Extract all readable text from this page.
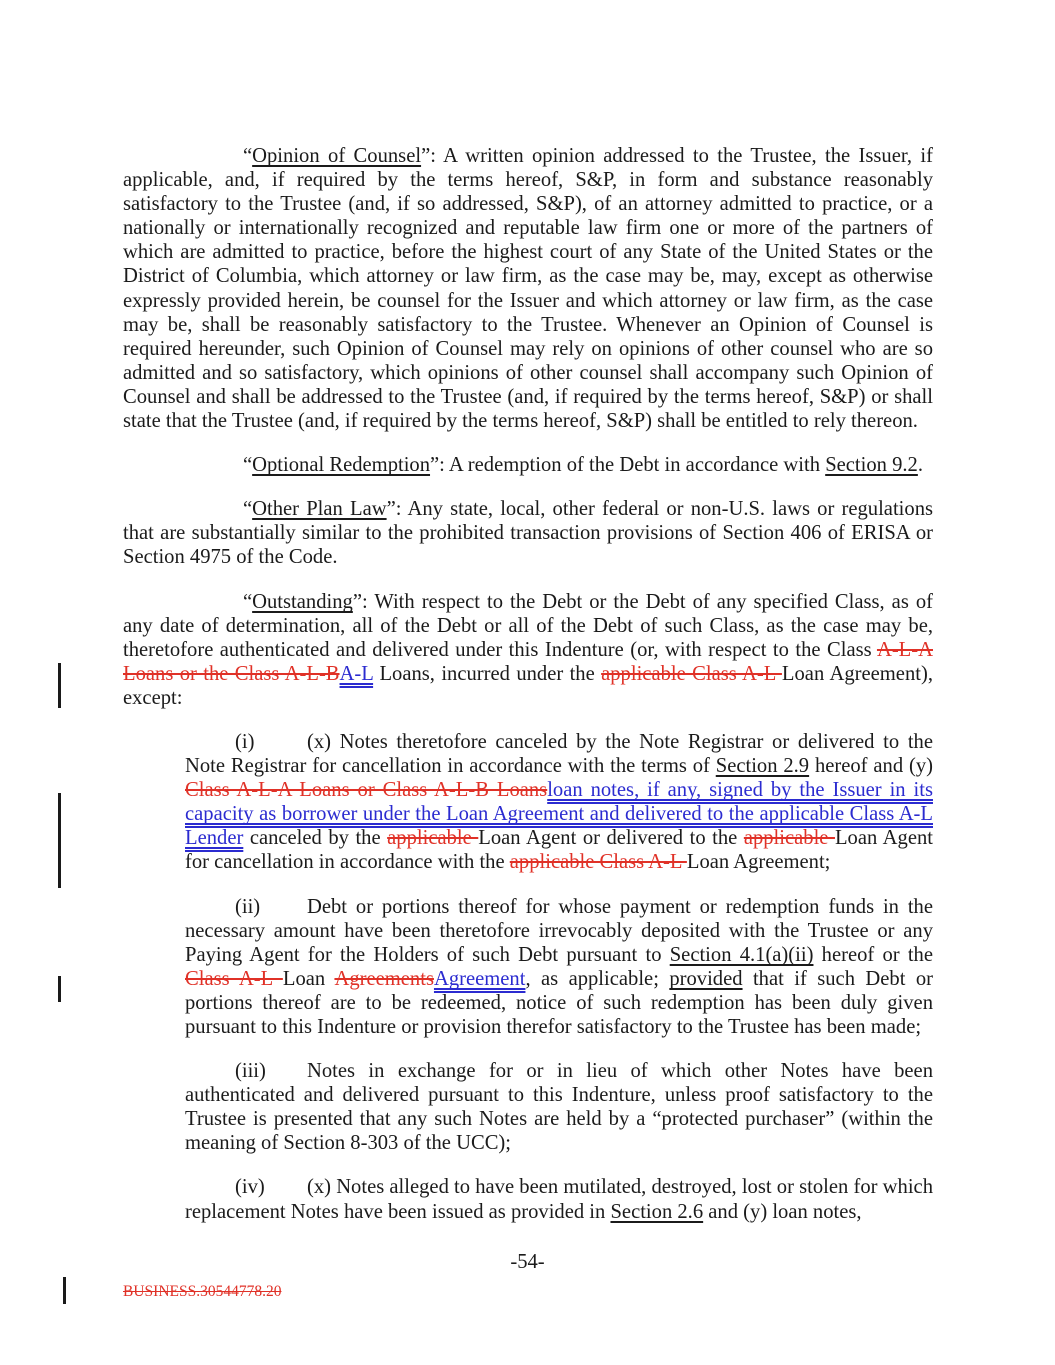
“Opinion of Counsel”: A written opinion addressed to the Trustee, the Issuer, if applicable, and, if required by the terms hereof, S&P, in form and substance reasonably satisfactory to the Trustee (and, if so addressed, S&P), of an attorney admitted to practice, or a nationally or internationally recognized and reputable law firm one or more of the partners of which are admitted to practice, before the highest court of any State of the United States or the District of Columbia, which attorney or law firm, as the case may be, may, except as otherwise expressly provided herein, be counsel for the Issuer and which attorney or law firm, as the case may be, shall be reasonably satisfactory to the Trustee. Whenever an Opinion of Counsel is required hereunder, such Opinion of Counsel may rely on opinions of other counsel who are so admitted and so satisfactory, which opinions of other counsel shall accompany such Opinion of Counsel and shall be addressed to the Trustee (and, if required by the terms hereof, S&P) or shall state that the Trustee (and, if required by the terms hereof, S&P) shall be entitled to rely thereon.

“Optional Redemption”: A redemption of the Debt in accordance with Section 9.2.

“Other Plan Law”: Any state, local, other federal or non-U.S. laws or regulations that are substantially similar to the prohibited transaction provisions of Section 406 of ERISA or Section 4975 of the Code.

“Outstanding”: With respect to the Debt or the Debt of any specified Class, as of any date of determination, all of the Debt or all of the Debt of such Class, as the case may be, theretofore authenticated and delivered under this Indenture (or, with respect to the Class A-L-A Loans or the Class A-L-BA-L Loans, incurred under the applicable Class A-L Loan Agreement), except:

(i)	(x) Notes theretofore canceled by the Note Registrar or delivered to the Note Registrar for cancellation in accordance with the terms of Section 2.9 hereof and (y) Class A-L-A Loans or Class A-L-B Loansloan notes, if any, signed by the Issuer in its capacity as borrower under the Loan Agreement and delivered to the applicable Class A-L Lender canceled by the applicable Loan Agent or delivered to the applicable Loan Agent for cancellation in accordance with the applicable Class A-L Loan Agreement;

(ii) Debt or portions thereof for whose payment or redemption funds in the necessary amount have been theretofore irrevocably deposited with the Trustee or any Paying Agent for the Holders of such Debt pursuant to Section 4.1(a)(ii) hereof or the Class A-L Loan AgreementsAgreement, as applicable; provided that if such Debt or portions thereof are to be redeemed, notice of such redemption has been duly given pursuant to this Indenture or provision therefor satisfactory to the Trustee has been made;

(iii) Notes in exchange for or in lieu of which other Notes have been authenticated and delivered pursuant to this Indenture, unless proof satisfactory to the Trustee is presented that any such Notes are held by a “protected purchaser” (within the meaning of Section 8-303 of the UCC);

(iv) (x) Notes alleged to have been mutilated, destroyed, lost or stolen for which replacement Notes have been issued as provided in Section 2.6 and (y) loan notes,

-54-
BUSINESS.30544778.20
